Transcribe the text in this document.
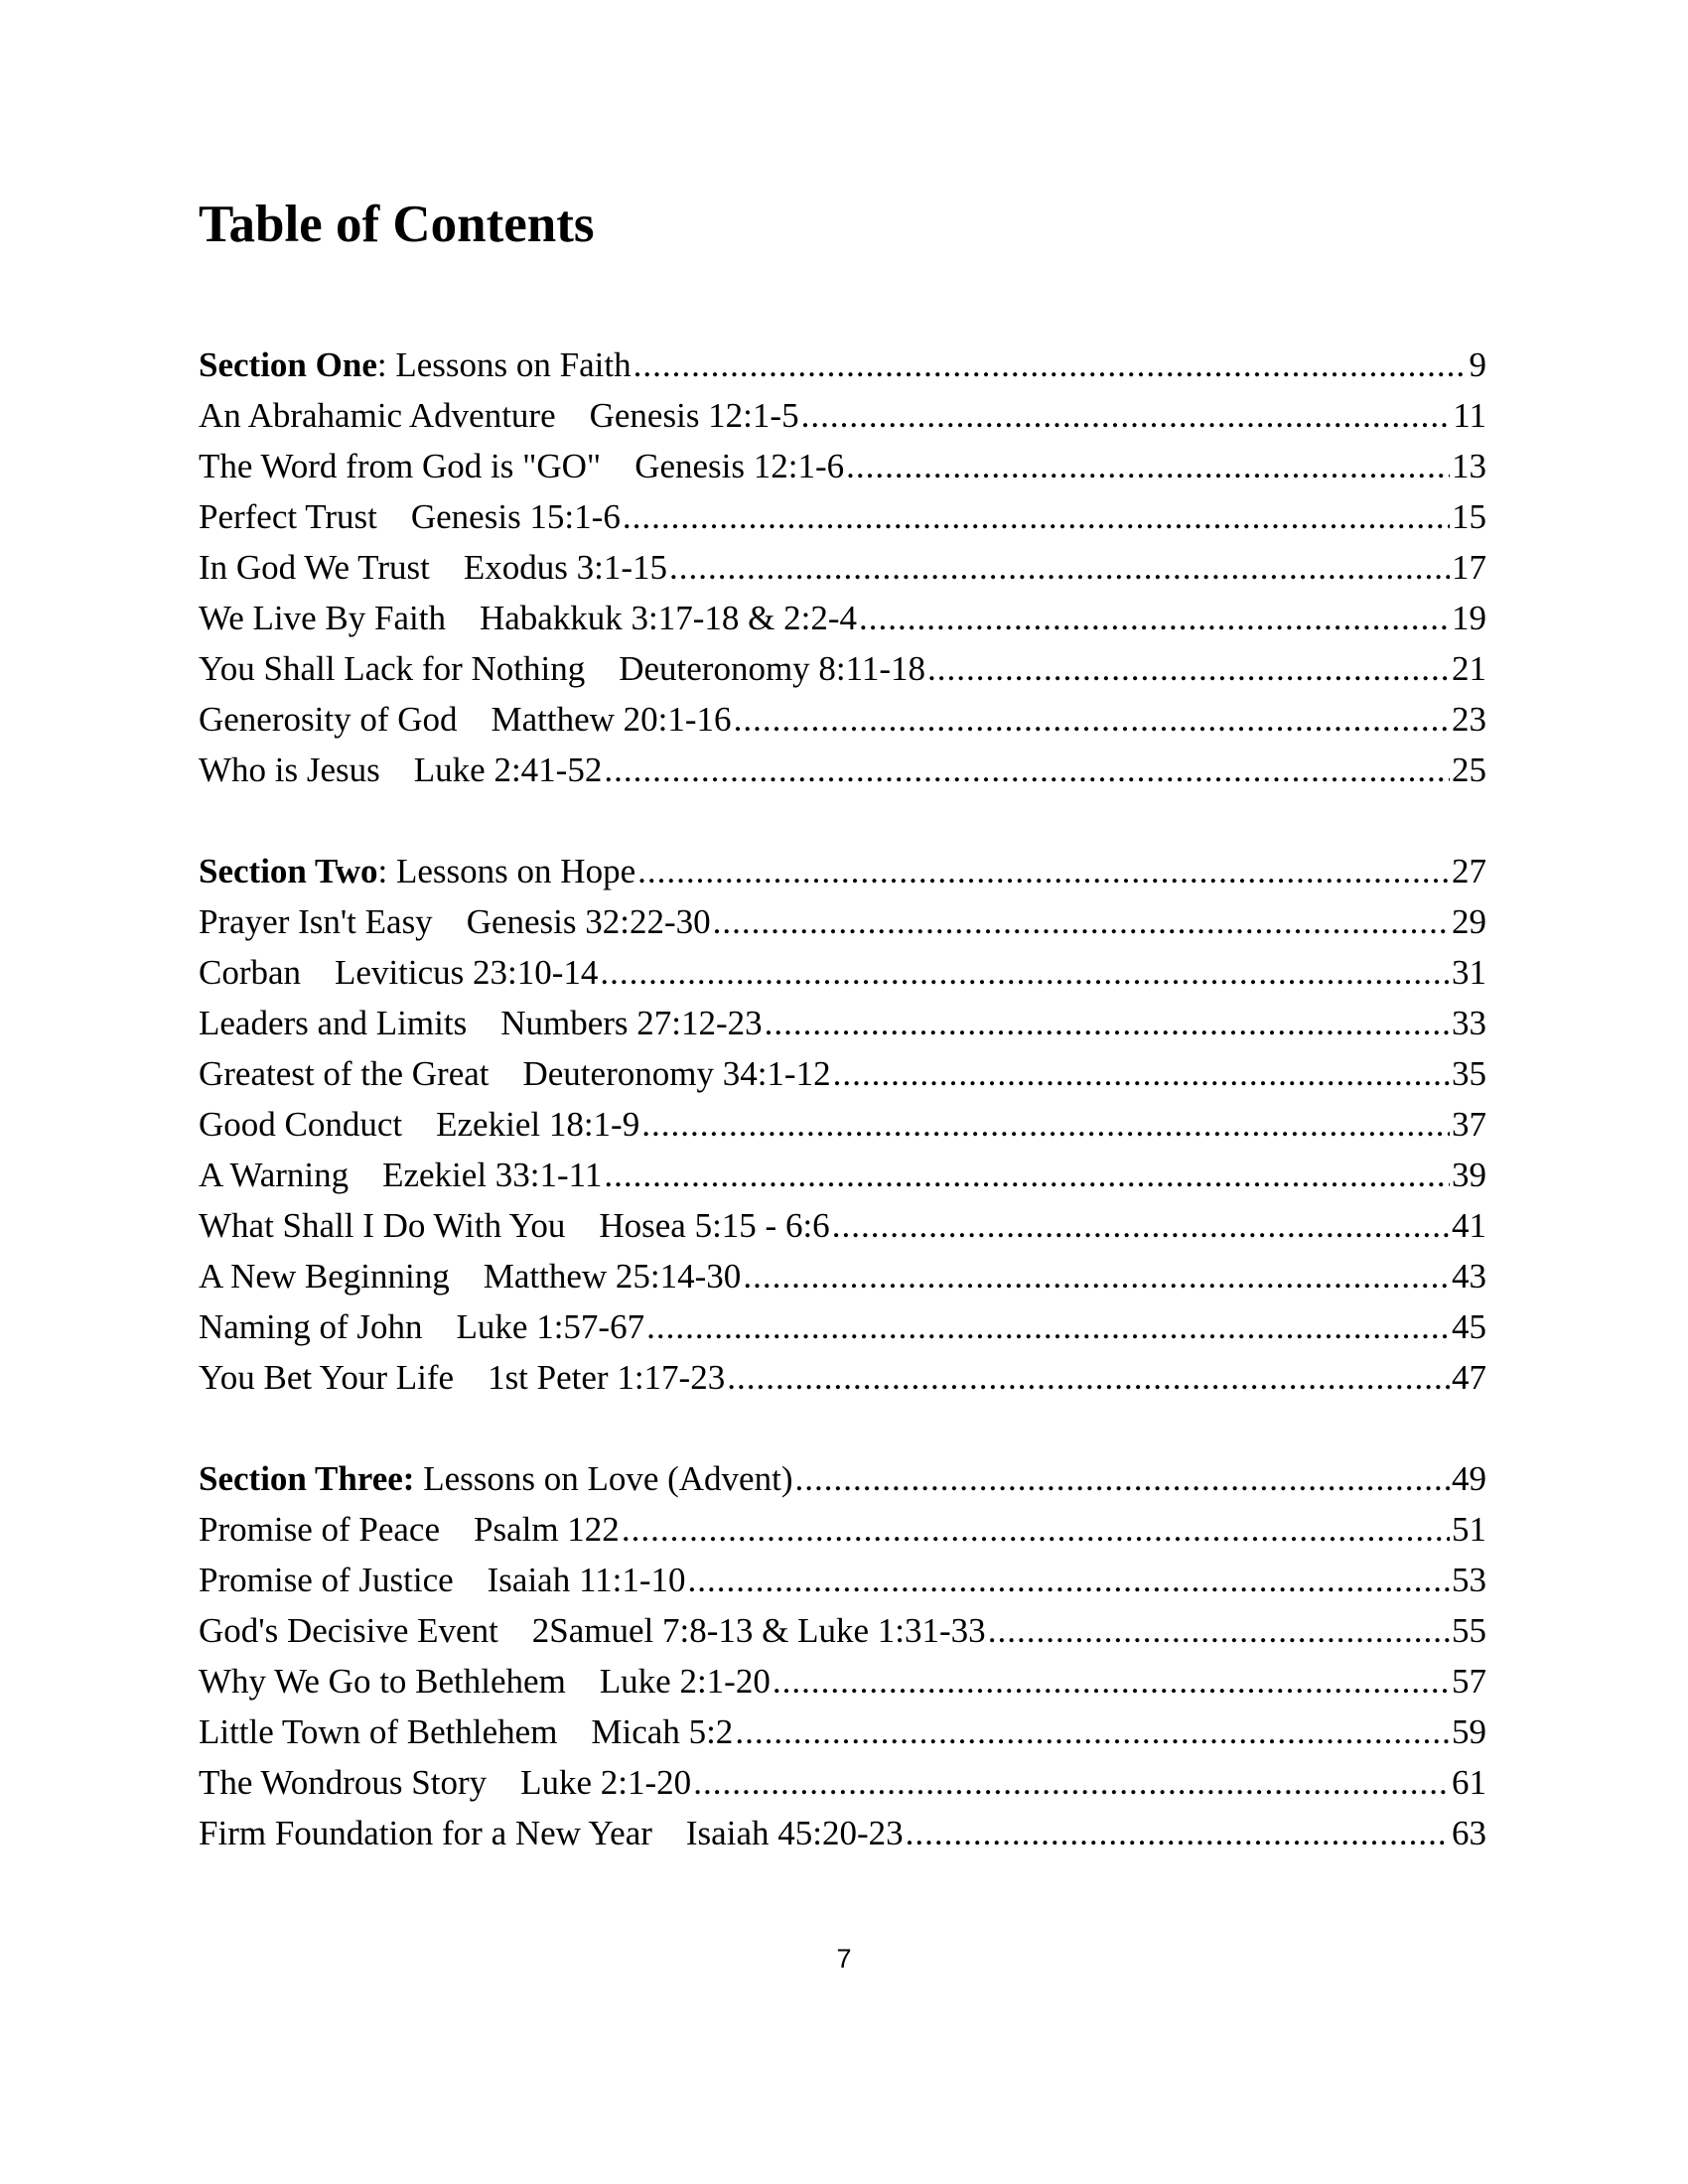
Table of Contents
Section One: Lessons on Faith .....	9
An Abrahamic Adventure Genesis 12:1-5 .....	11
The Word from God is "GO" Genesis 12:1-6 .....	13
Perfect Trust Genesis 15:1-6 .....	15
In God We Trust Exodus 3:1-15 .....	17
We Live By Faith Habakkuk 3:17-18 & 2:2-4 .....	19
You Shall Lack for Nothing Deuteronomy 8:11-18 .....	21
Generosity of God Matthew 20:1-16 .....	23
Who is Jesus Luke 2:41-52 .....	25
Section Two: Lessons on Hope .....	27
Prayer Isn't Easy Genesis 32:22-30 .....	29
Corban Leviticus 23:10-14 .....	31
Leaders and Limits Numbers 27:12-23 .....	33
Greatest of the Great Deuteronomy 34:1-12 .....	35
Good Conduct Ezekiel 18:1-9 .....	37
A Warning Ezekiel 33:1-11 .....	39
What Shall I Do With You Hosea 5:15 - 6:6 .....	41
A New Beginning Matthew 25:14-30 .....	43
Naming of John Luke 1:57-67 .....	45
You Bet Your Life 1st Peter 1:17-23 .....	47
Section Three: Lessons on Love (Advent) .....	49
Promise of Peace Psalm 122 .....	51
Promise of Justice Isaiah 11:1-10 .....	53
God's Decisive Event 2Samuel 7:8-13 & Luke 1:31-33 .....	55
Why We Go to Bethlehem Luke 2:1-20 .....	57
Little Town of Bethlehem Micah 5:2 .....	59
The Wondrous Story Luke 2:1-20 .....	61
Firm Foundation for a New Year Isaiah 45:20-23 .....	63
7
